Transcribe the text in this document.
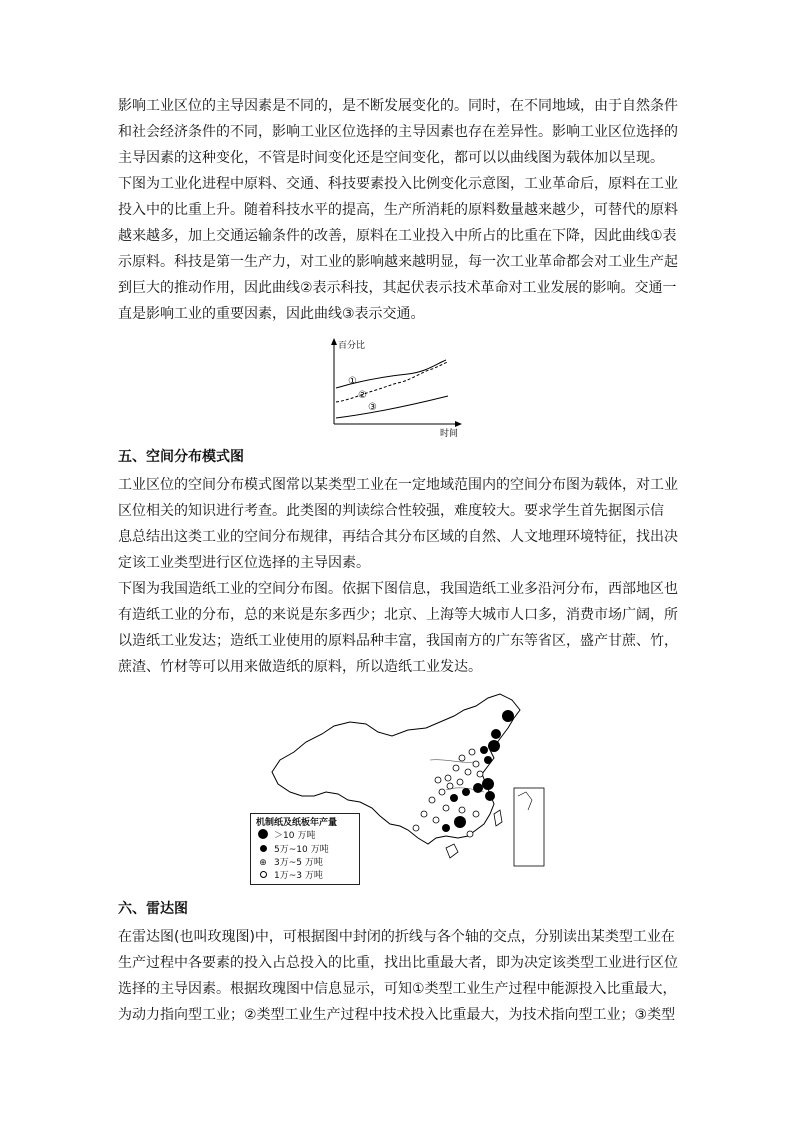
影响工业区位的主导因素是不同的，是不断发展变化的。同时，在不同地域，由于自然条件
和社会经济条件的不同，影响工业区位选择的主导因素也存在差异性。影响工业区位选择的
主导因素的这种变化，不管是时间变化还是空间变化，都可以以曲线图为载体加以呈现。
下图为工业化进程中原料、交通、科技要素投入比例变化示意图，工业革命后，原料在工业
投入中的比重上升。随着科技水平的提高，生产所消耗的原料数量越来越少，可替代的原料
越来越多，加上交通运输条件的改善，原料在工业投入中所占的比重在下降，因此曲线①表
示原料。科技是第一生产力，对工业的影响越来越明显，每一次工业革命都会对工业生产起
到巨大的推动作用，因此曲线②表示科技，其起伏表示技术革命对工业发展的影响。交通一
直是影响工业的重要因素，因此曲线③表示交通。
百分比
时间
①
②
③
五、空间分布模式图
工业区位的空间分布模式图常以某类型工业在一定地域范围内的空间分布图为载体，对工业
区位相关的知识进行考查。此类图的判读综合性较强，难度较大。要求学生首先据图示信
息总结出这类工业的空间分布规律，再结合其分布区域的自然、人文地理环境特征，找出决
定该工业类型进行区位选择的主导因素。
下图为我国造纸工业的空间分布图。依据下图信息，我国造纸工业多沿河分布，西部地区也
有造纸工业的分布，总的来说是东多西少；北京、上海等大城市人口多，消费市场广阔，所
以造纸工业发达；造纸工业使用的原料品种丰富，我国南方的广东等省区，盛产甘蔗、竹，
蔗渣、竹材等可以用来做造纸的原料，所以造纸工业发达。
机制纸及纸板年产量
＞10 万吨
5万~10 万吨
⊕ 3万~5 万吨
1万~3 万吨
六、雷达图
在雷达图(也叫玫瑰图)中，可根据图中封闭的折线与各个轴的交点，分别读出某类型工业在
生产过程中各要素的投入占总投入的比重，找出比重最大者，即为决定该类型工业进行区位
选择的主导因素。根据玫瑰图中信息显示，可知①类型工业生产过程中能源投入比重最大，
为动力指向型工业；②类型工业生产过程中技术投入比重最大，为技术指向型工业；③类型
